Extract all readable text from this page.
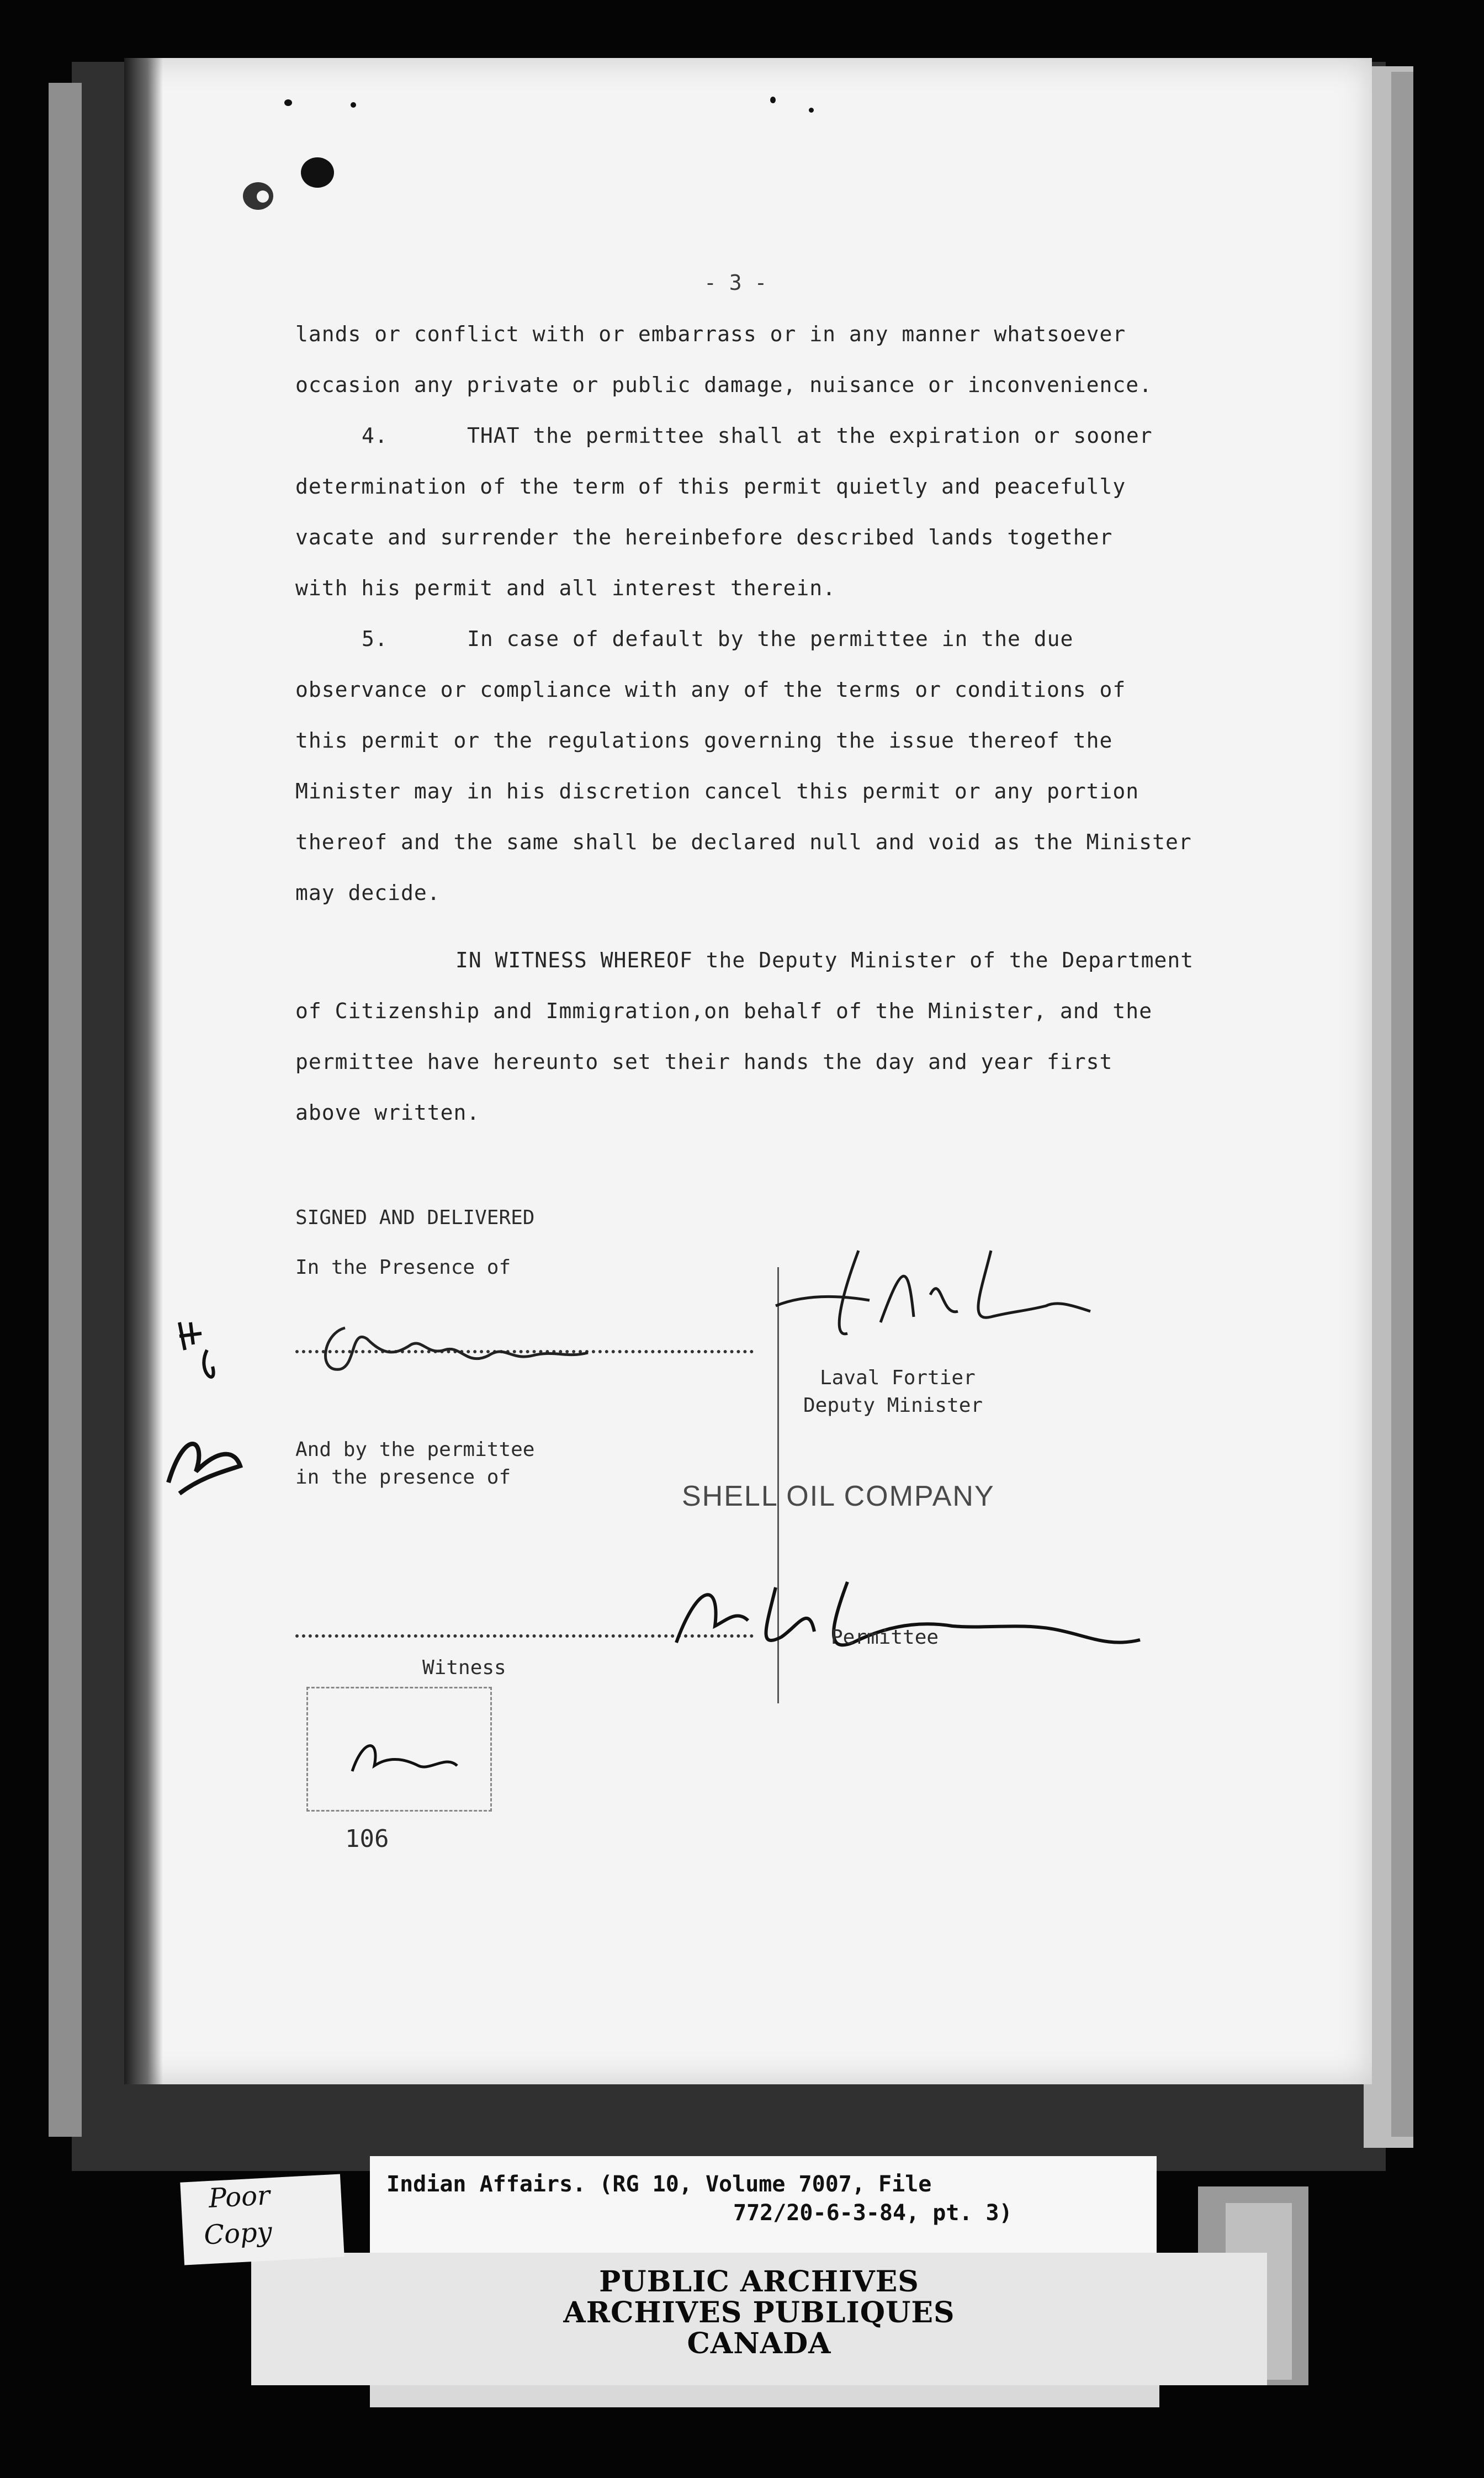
- 3 -
lands or conflict with or embarrass or in any manner whatsoever
occasion any private or public damage, nuisance or inconvenience.
4.      THAT the permittee shall at the expiration or sooner
determination of the term of this permit quietly and peacefully
vacate and surrender the hereinbefore described lands together
with his permit and all interest therein.
5.      In case of default by the permittee in the due
observance or compliance with any of the terms or conditions of
this permit or the regulations governing the issue thereof the
Minister may in his discretion cancel this permit or any portion
thereof and the same shall be declared null and void as the Minister
may decide.
IN WITNESS WHEREOF the Deputy Minister of the Department
of Citizenship and Immigration,on behalf of the Minister, and the
permittee have hereunto set their hands the day and year first
above written.
SIGNED AND DELIVERED
In the Presence of
And by the permittee
in the presence of
Witness
Laval Fortier
Deputy Minister
SHELL OIL COMPANY
Permittee
106
PUBLIC ARCHIVES
ARCHIVES PUBLIQUES
CANADA
Indian Affairs. (RG 10, Volume 7007, File
772/20-6-3-84, pt. 3)
Poor
Copy
